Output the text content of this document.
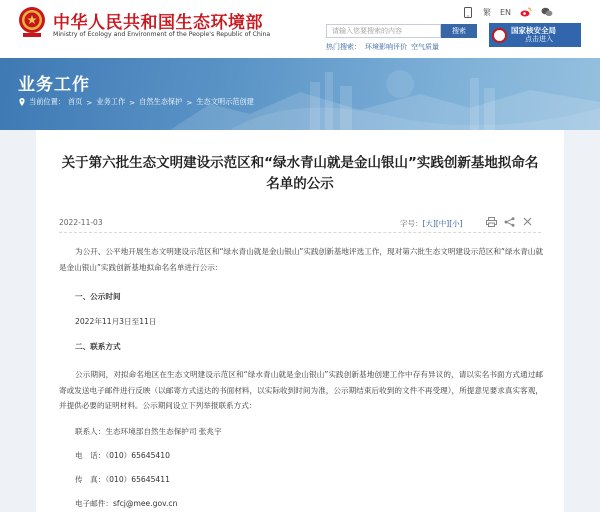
中华人民共和国生态环境部
Ministry of Ecology and Environment of the People's Republic of China
繁 EN
请输入您要搜索的内容	搜索
热门搜索： 环境影响评价 空气质量
国家核安全局
点击进入
业务工作
当前位置： 首页 > 业务工作 > 自然生态保护 > 生态文明示范创建
关于第六批生态文明建设示范区和“绿水青山就是金山银山”实践创新基地拟命名名单的公示
2022-11-03	字号：[大][中][小]
为公开、公平地开展生态文明建设示范区和“绿水青山就是金山银山”实践创新基地评选工作，现对第六批生态文明建设示范区和“绿水青山就是金山银山”实践创新基地拟命名名单进行公示：
一、公示时间
2022年11月3日至11日
二、联系方式
公示期间，对拟命名地区在生态文明建设示范区和“绿水青山就是金山银山”实践创新基地创建工作中存有异议的，请以实名书面方式通过邮寄或发送电子邮件进行反映（以邮寄方式送达的书面材料，以实际收到时间为准，公示期结束后收到的文件不再受理），所提意见要求真实客观，并提供必要的证明材料。公示期间设立下列举报联系方式：
联系人：生态环境部自然生态保护司 张兆宇
电　话：（010）65645410
传　真：（010）65645411
电子邮件：sfcj@mee.gov.cn
